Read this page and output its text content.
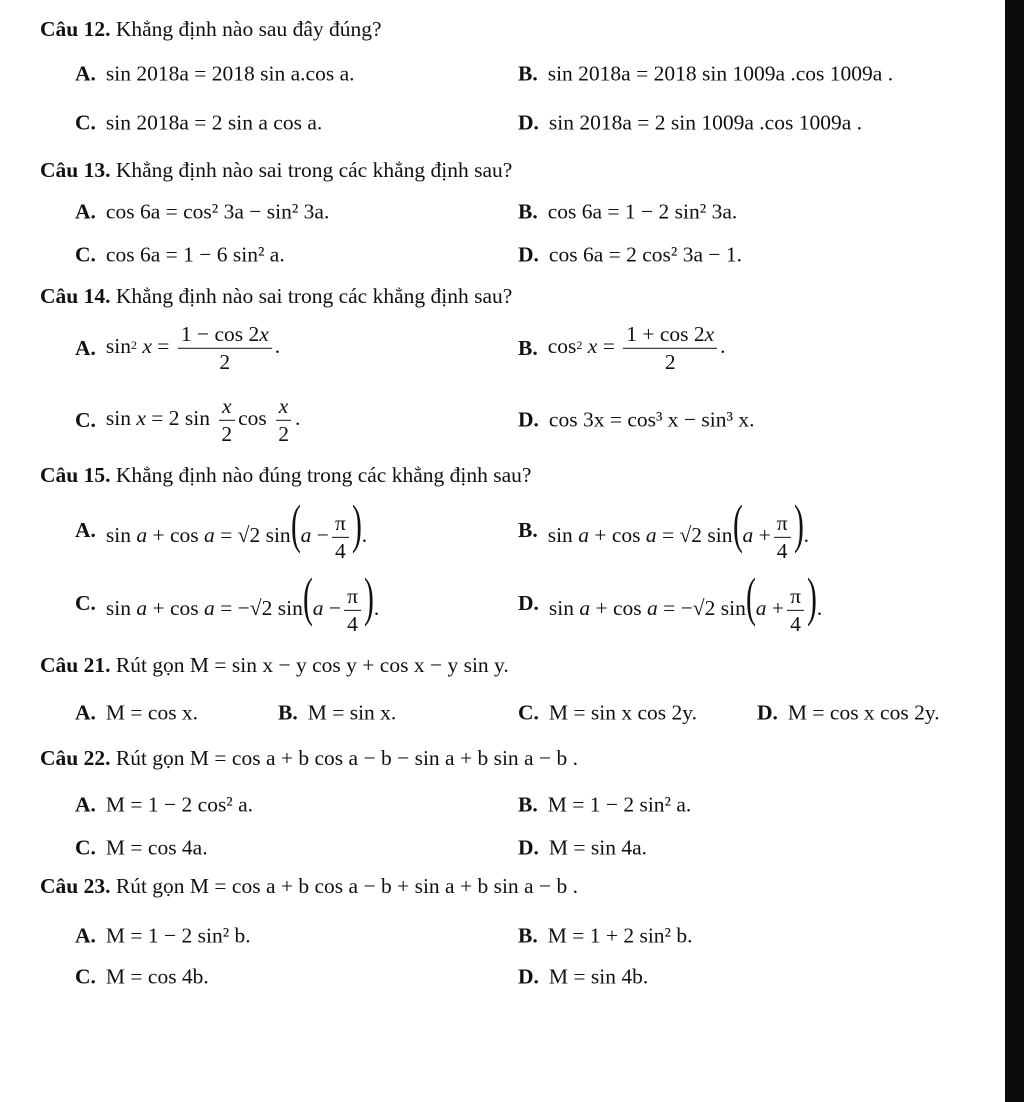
Câu 12. Khẳng định nào sau đây đúng?
A. sin 2018a = 2018 sin a.cos a.	B. sin 2018a = 2018 sin 1009a .cos 1009a .
C. sin 2018a = 2 sin a cos a.	D. sin 2018a = 2 sin 1009a .cos 1009a .
Câu 13. Khẳng định nào sai trong các khẳng định sau?
A. cos 6a = cos² 3a − sin² 3a.	B. cos 6a = 1 − 2 sin² 3a.
C. cos 6a = 1 − 6 sin² a.	D. cos 6a = 2 cos² 3a − 1.
Câu 14. Khẳng định nào sai trong các khẳng định sau?
A. $\sin^2 x = \frac{1 - \cos 2x}{2}$ .	B. $\cos^2 x = \frac{1 + \cos 2x}{2}$ .
C. sin x = 2 $\sin \frac{x}{2}$ $\cos \frac{x}{2}$ .	D. cos 3x = cos³ x − sin³ x.
Câu 15. Khẳng định nào đúng trong các khẳng định sau?
A. sin a + cos a = √2 $\sin(a - \frac{\pi}{4}$ ).	B. sin a + cos a = √2 $\sin(a + \frac{\pi}{4}$ ).
C. sin a + cos a = −√2 $\sin(a - \frac{\pi}{4}$ ).	D. sin a + cos a = −√2 $\sin(a + \frac{\pi}{4}$ ).
Câu 21. Rút gọn M = sin x − y cos y + cos x − y sin y.
A. M = cos x.	B. M = sin x.	C. M = sin x cos 2y.	D. M = cos x cos 2y.
Câu 22. Rút gọn M = cos a + b cos a − b − sin a + b sin a − b .
A. M = 1 − 2 cos² a.	B. M = 1 − 2 sin² a.
C. M = cos 4a.	D. M = sin 4a.
Câu 23. Rút gọn M = cos a + b cos a − b + sin a + b sin a − b .
A. M = 1 − 2 sin² b.	B. M = 1 + 2 sin² b.
C. M = cos 4b.	D. M = sin 4b.
